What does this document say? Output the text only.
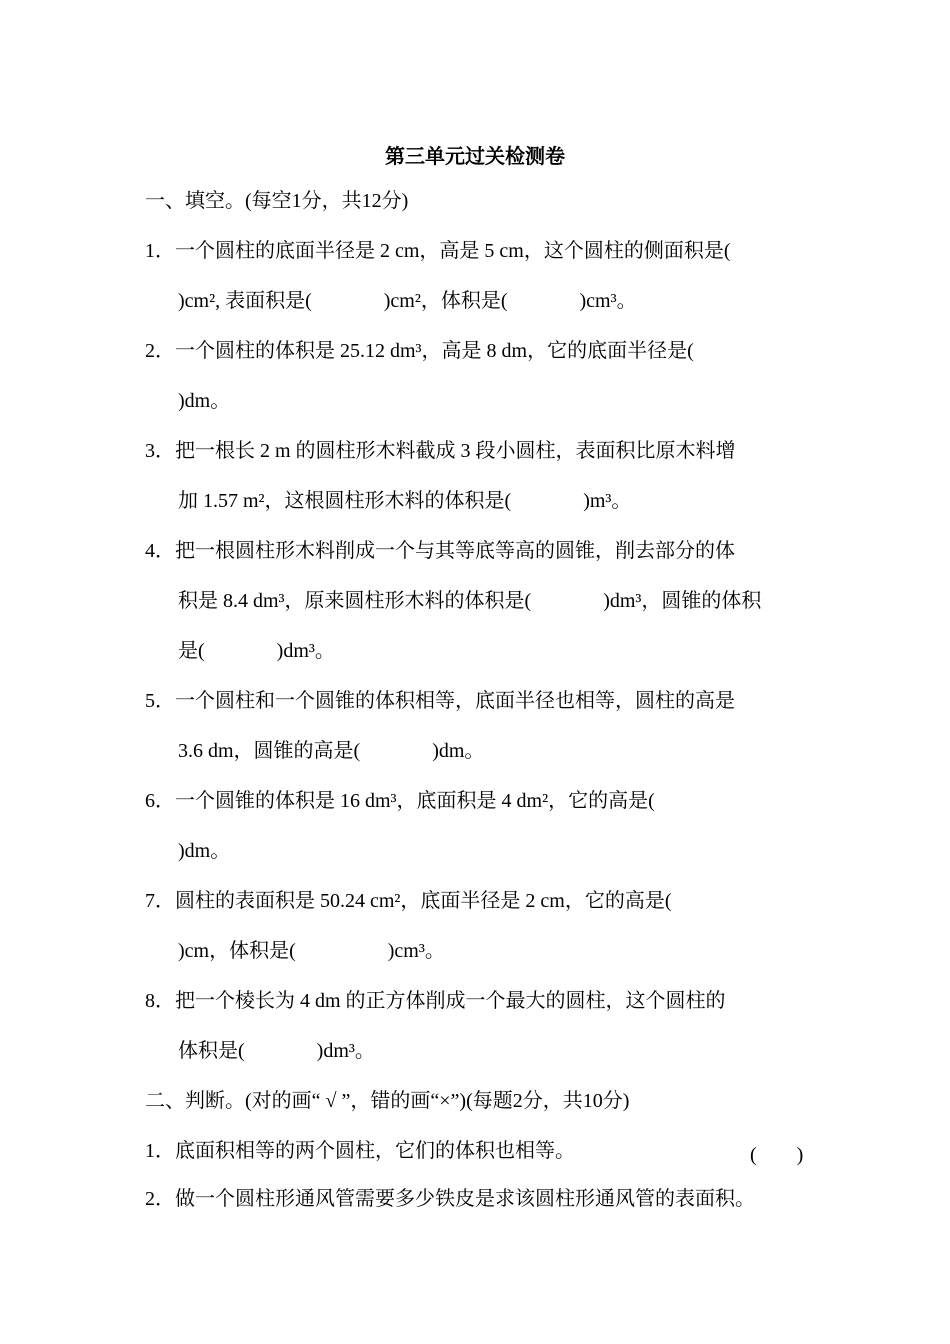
第三单元过关检测卷
一、填空。(每空1分，共12分)
1．一个圆柱的底面半径是 2 cm，高是 5 cm，这个圆柱的侧面积是(
)cm², 表面积是(	)cm²，体积是(	)cm³。
2．一个圆柱的体积是 25.12 dm³，高是 8 dm，它的底面半径是(
)dm。
3．把一根长 2 m 的圆柱形木料截成 3 段小圆柱，表面积比原木料增
加 1.57 m²，这根圆柱形木料的体积是(	)m³。
4．把一根圆柱形木料削成一个与其等底等高的圆锥，削去部分的体
积是 8.4 dm³，原来圆柱形木料的体积是(	)dm³，圆锥的体积
是(	)dm³。
5．一个圆柱和一个圆锥的体积相等，底面半径也相等，圆柱的高是
3.6 dm，圆锥的高是(	)dm。
6．一个圆锥的体积是 16 dm³，底面积是 4 dm²，它的高是(
)dm。
7．圆柱的表面积是 50.24 cm²，底面半径是 2 cm，它的高是(
)cm，体积是(	)cm³。
8．把一个棱长为 4 dm 的正方体削成一个最大的圆柱，这个圆柱的
体积是(	)dm³。
二、判断。(对的画“ √ ”，错的画“×”)(每题2分，共10分)
1．底面积相等的两个圆柱，它们的体积也相等。	(　　)
2．做一个圆柱形通风管需要多少铁皮是求该圆柱形通风管的表面积。
